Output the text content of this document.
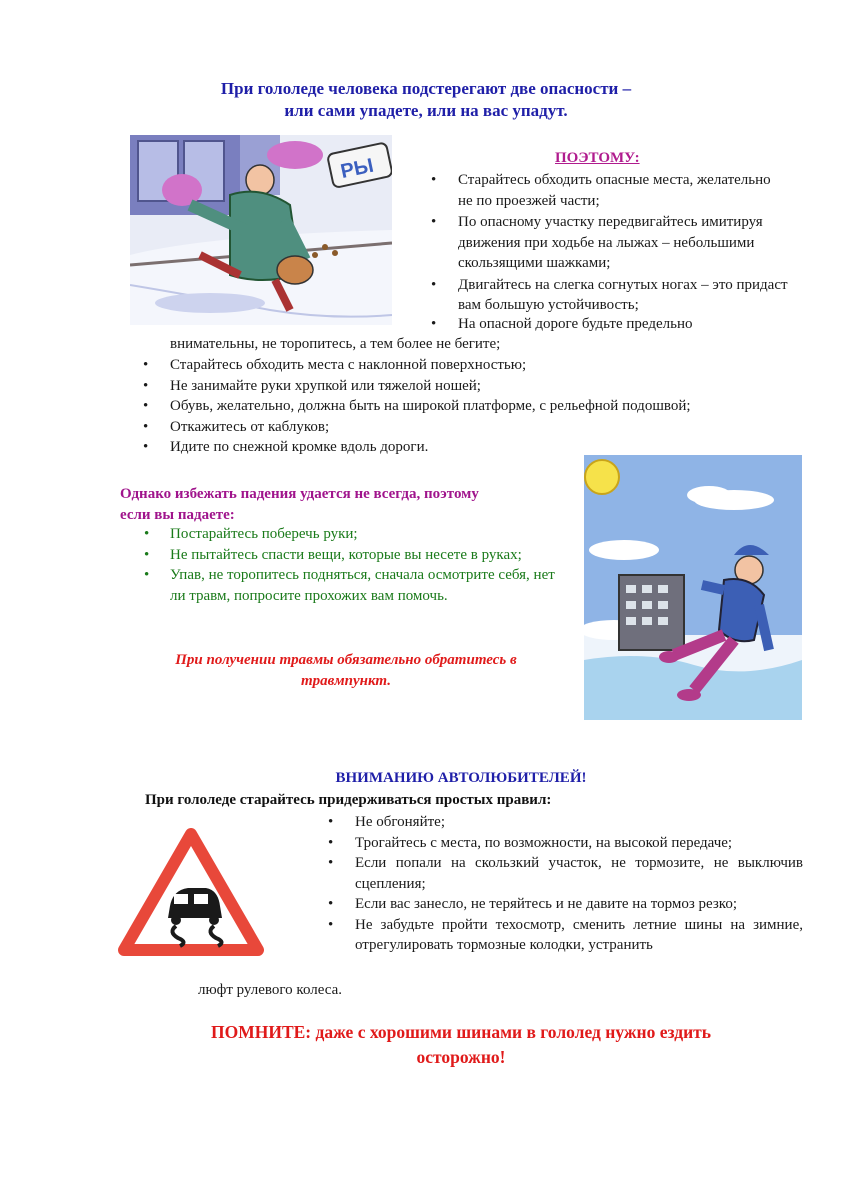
При гололеде человека подстерегают две опасности –
или сами упадете, или на вас упадут.
РЫ	ПОЭТОМУ:
• Старайтесь обходить опасные места, желательно не по проезжей части;
• По опасному участку передвигайтесь имитируя движения при ходьбе на лыжах – небольшими скользящими шажками;
• Двигайтесь на слегка согнутых ногах – это придаст вам большую устойчивость;
• На опасной дороге будьте предельно
внимательны, не торопитесь, а тем более не бегите;
• Старайтесь обходить места с наклонной поверхностью;
• Не занимайте руки хрупкой или тяжелой ношей;
• Обувь, желательно, должна быть на широкой платформе, с рельефной подошвой;
• Откажитесь от каблуков;
• Идите по снежной кромке вдоль дороги.
Однако избежать падения удается не всегда, поэтому
если вы падаете:
• Постарайтесь поберечь руки;
• Не пытайтесь спасти вещи, которые вы несете в руках;
• Упав, не торопитесь подняться, сначала осмотрите себя, нет ли травм, попросите прохожих вам помочь.
При получении травмы обязательно обратитесь в
травмпункт.
ВНИМАНИЮ АВТОЛЮБИТЕЛЕЙ!
При гололеде старайтесь придерживаться простых правил:
• Не обгоняйте;
• Трогайтесь с места, по возможности, на высокой передаче;
• Если попали на скользкий участок, не тормозите, не выключив сцепления;
• Если вас занесло, не теряйтесь и не давите на тормоз резко;
• Не забудьте пройти техосмотр, сменить летние шины на зимние, отрегулировать тормозные колодки, устранить
люфт рулевого колеса.
ПОМНИТЕ: даже с хорошими шинами в гололед нужно ездить
осторожно!
